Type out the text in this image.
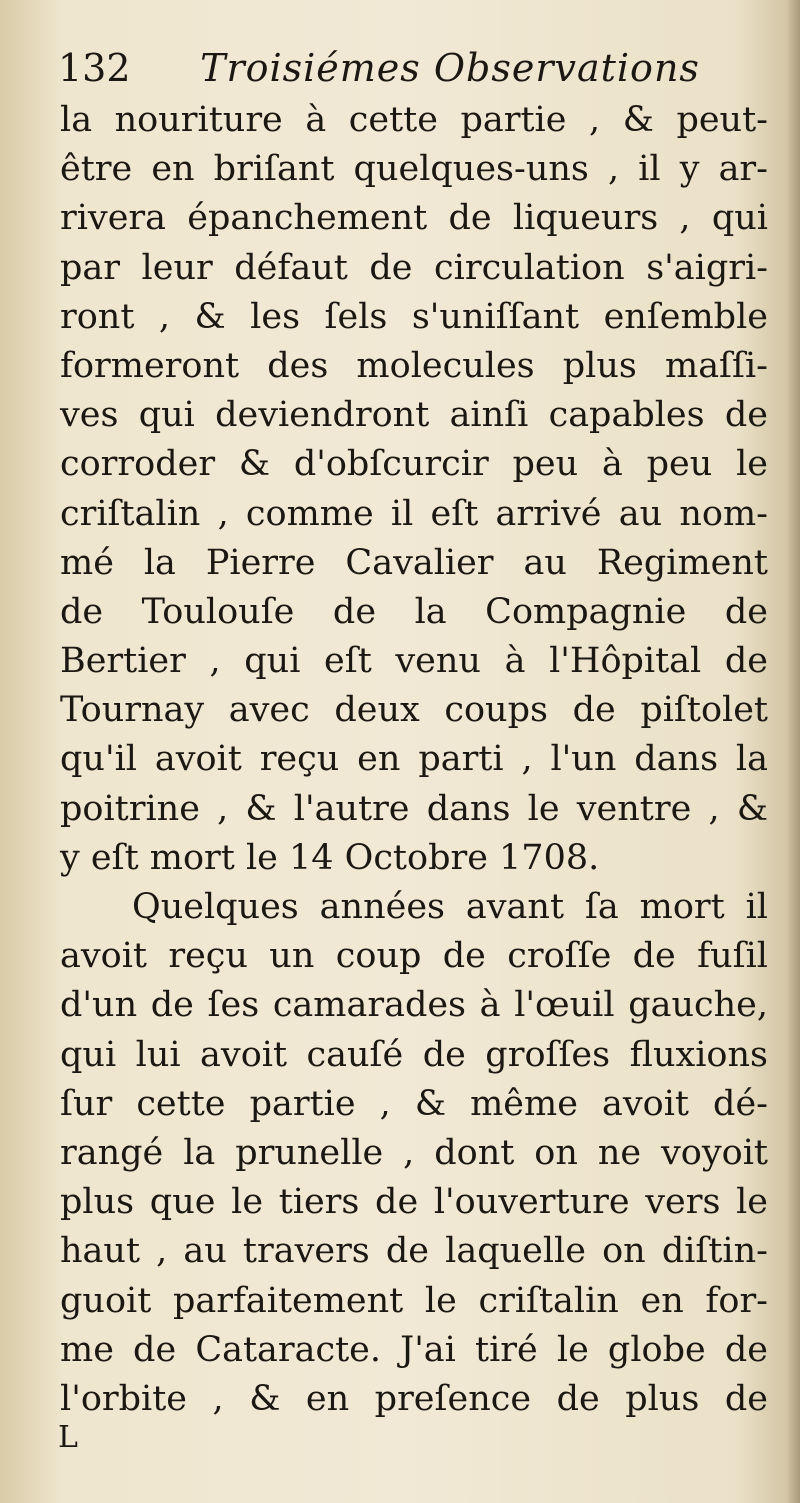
132 Troisiémes Observations
la nouriture à cette partie , & peut-
être en briſant quelques-uns , il y ar-
rivera épanchement de liqueurs , qui
par leur défaut de circulation s'aigri-
ront , & les ſels s'uniſſant enſemble
formeront des molecules plus maſſi-
ves qui deviendront ainſi capables de
corroder & d'obſcurcir peu à peu le
criſtalin , comme il eſt arrivé au nom-
mé la Pierre Cavalier au Regiment
de Toulouſe de la Compagnie de
Bertier , qui eſt venu à l'Hôpital de
Tournay avec deux coups de piſtolet
qu'il avoit reçu en parti , l'un dans la
poitrine , & l'autre dans le ventre , &
y eſt mort le 14 Octobre 1708.
Quelques années avant ſa mort il
avoit reçu un coup de croſſe de fuſil
d'un de ſes camarades à l'œuil gauche,
qui lui avoit cauſé de groſſes fluxions
ſur cette partie , & même avoit dé-
rangé la prunelle , dont on ne voyoit
plus que le tiers de l'ouverture vers le
haut , au travers de laquelle on diſtin-
guoit parfaitement le criſtalin en for-
me de Cataracte. J'ai tiré le globe de
l'orbite , & en preſence de plus de
L
